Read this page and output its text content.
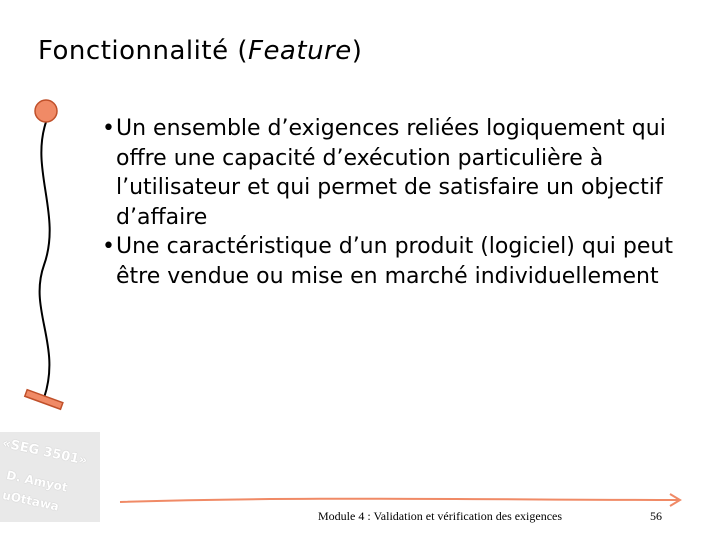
Fonctionnalité (Feature)
«SEG 3501»
D. Amyot
uOttawa
• Un ensemble d’exigences reliées logiquement qui offre une capacité d’exécution particulière à l’utilisateur et qui permet de satisfaire un objectif d’affaire
• Une caractéristique d’un produit (logiciel) qui peut être vendue ou mise en marché individuellement
Module 4 : Validation et vérification des exigences	56
